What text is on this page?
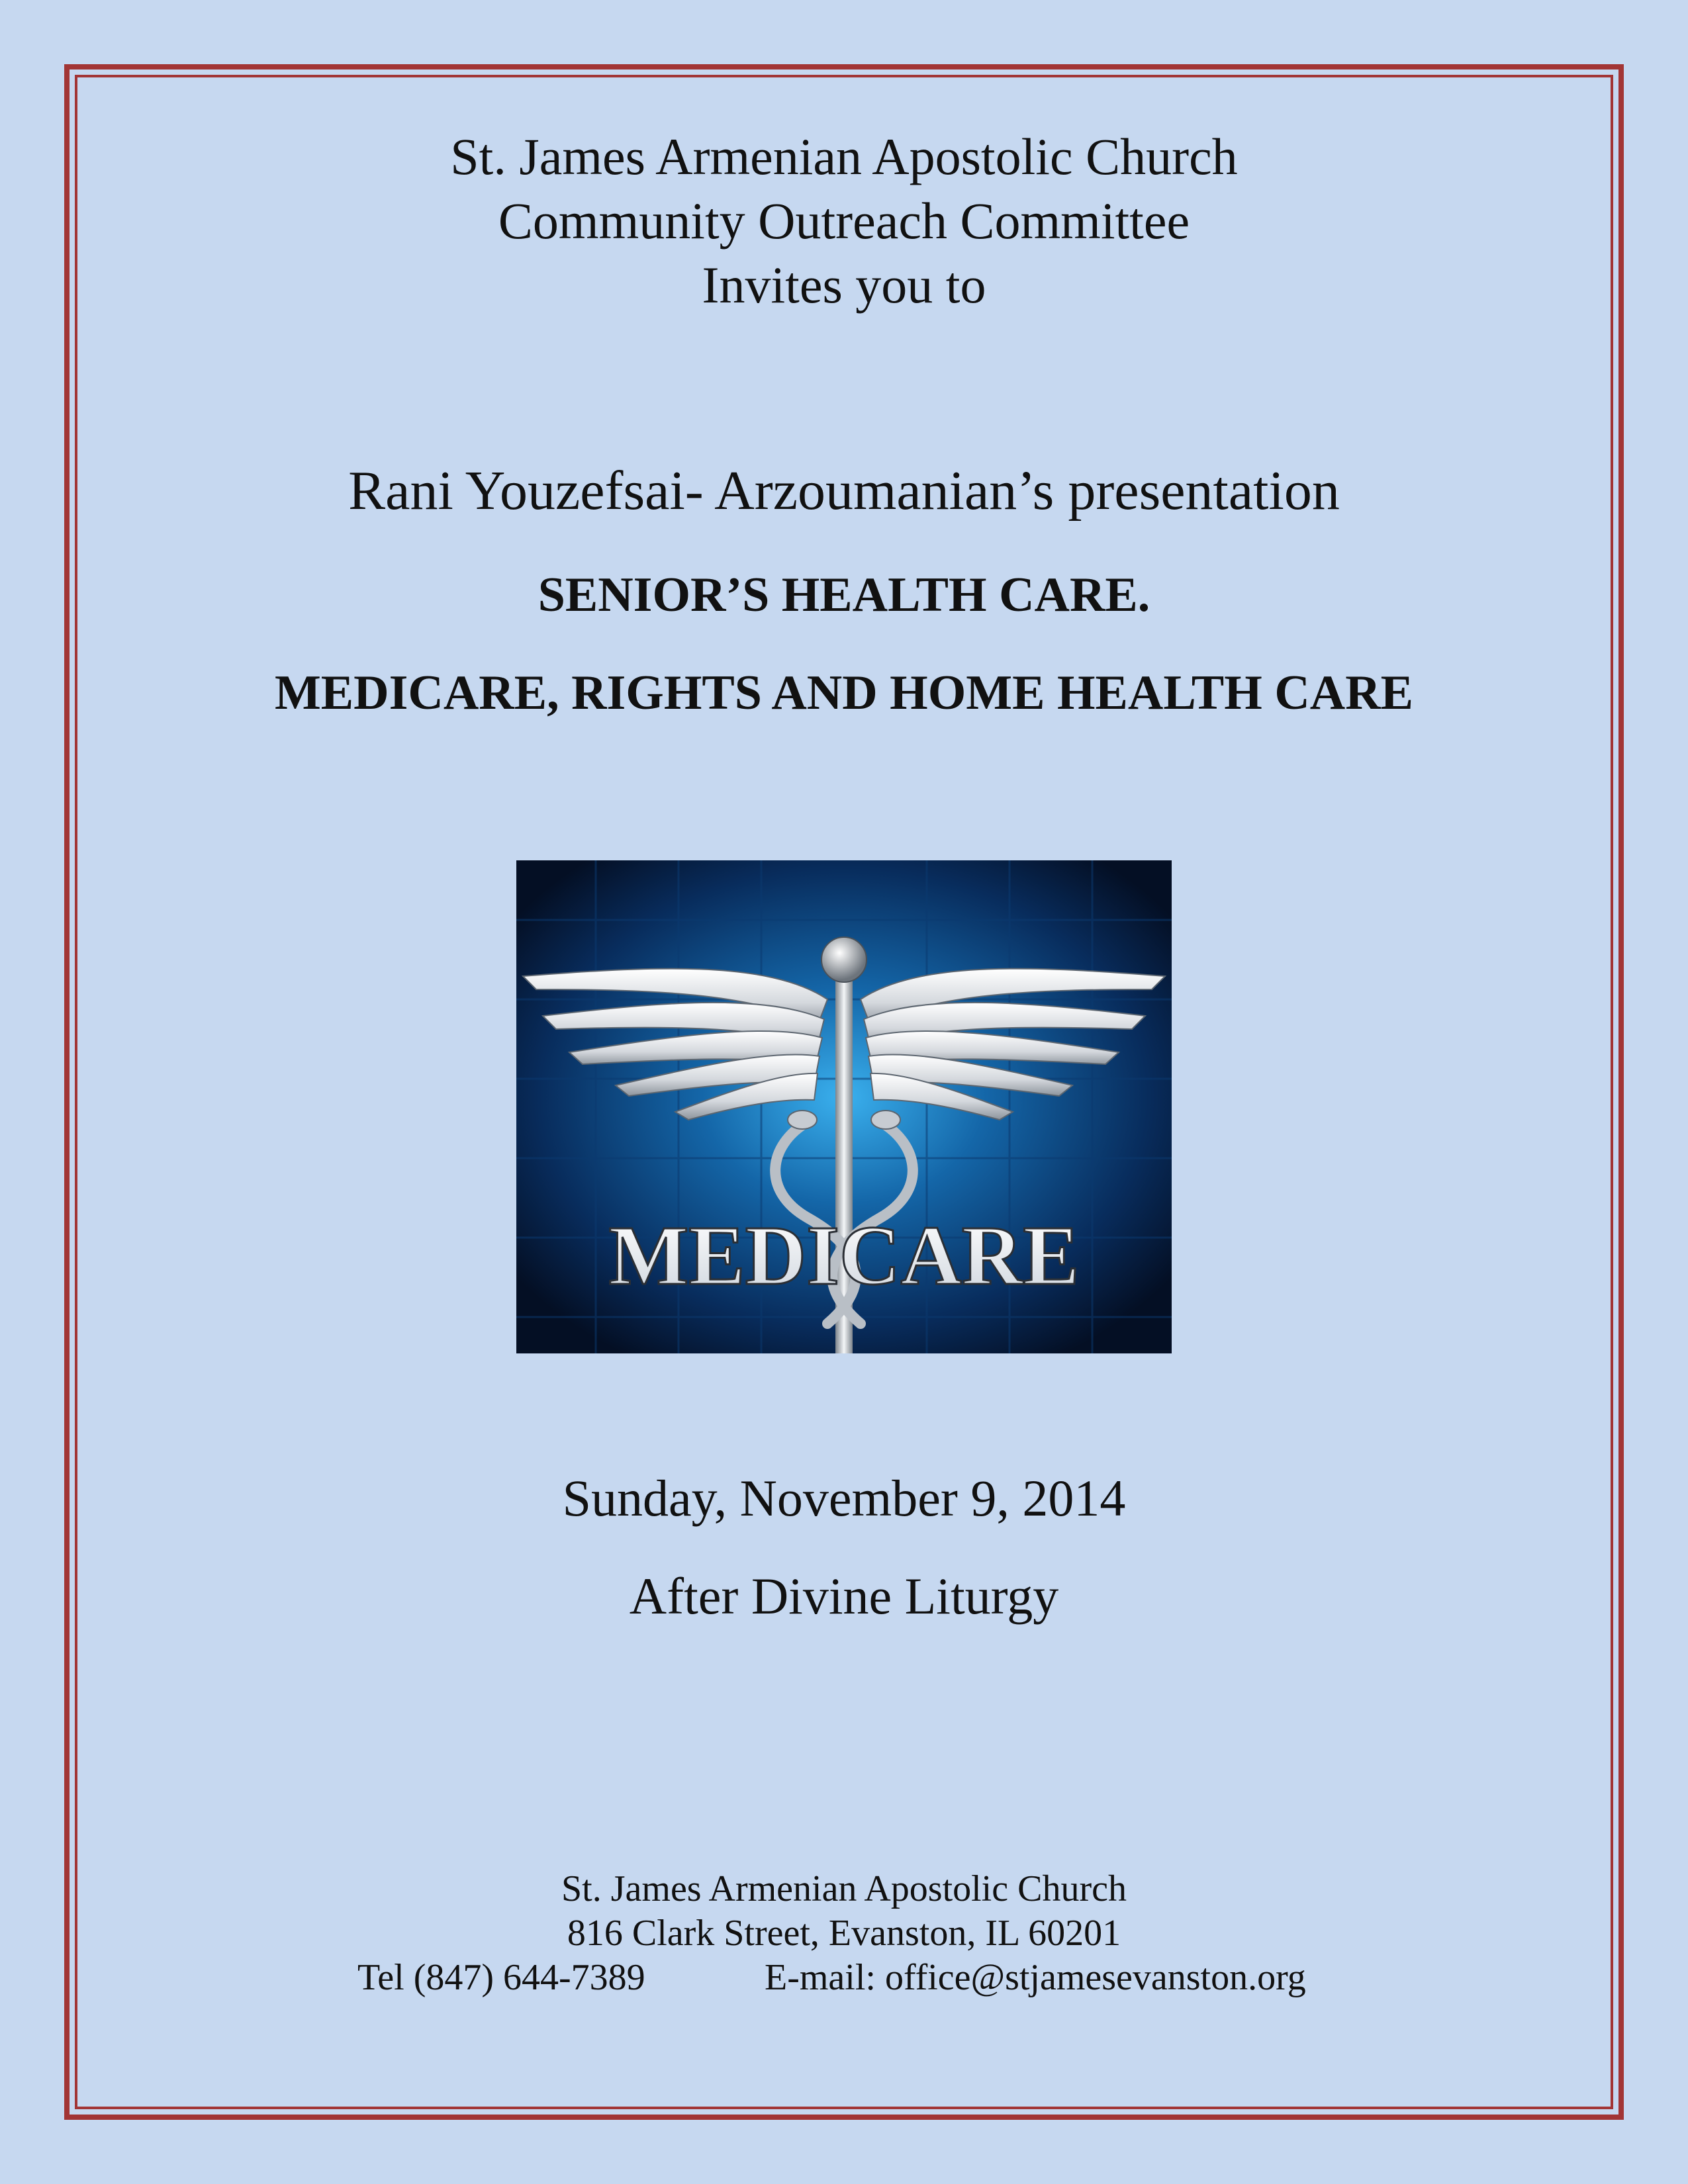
St. James Armenian Apostolic Church
Community Outreach Committee
Invites you to
Rani Youzefsai- Arzoumanian’s presentation
SENIOR’S HEALTH CARE.
MEDICARE, RIGHTS AND HOME HEALTH CARE
MEDICARE
Sunday, November 9, 2014
After Divine Liturgy
St. James Armenian Apostolic Church
816 Clark Street, Evanston, IL 60201
Tel (847) 644-7389	E-mail: office@stjamesevanston.org
